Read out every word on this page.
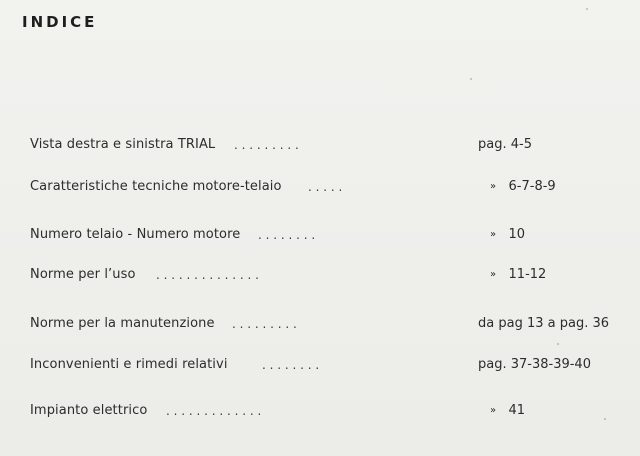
INDICE
Vista destra e sinistra TRIAL . . . . . . . . .	pag. 4-5
Caratteristiche tecniche motore-telaio . . . . .	» 6-7-8-9
Numero telaio - Numero motore . . . . . . . .	» 10
Norme per l’uso . . . . . . . . . . . . . .	» 11-12
Norme per la manutenzione . . . . . . . . .	da pag 13 a pag. 36
Inconvenienti e rimedi relativi	. . . . . . . .	pag. 37-38-39-40
Impianto elettrico . . . . . . . . . . . . .	» 41
